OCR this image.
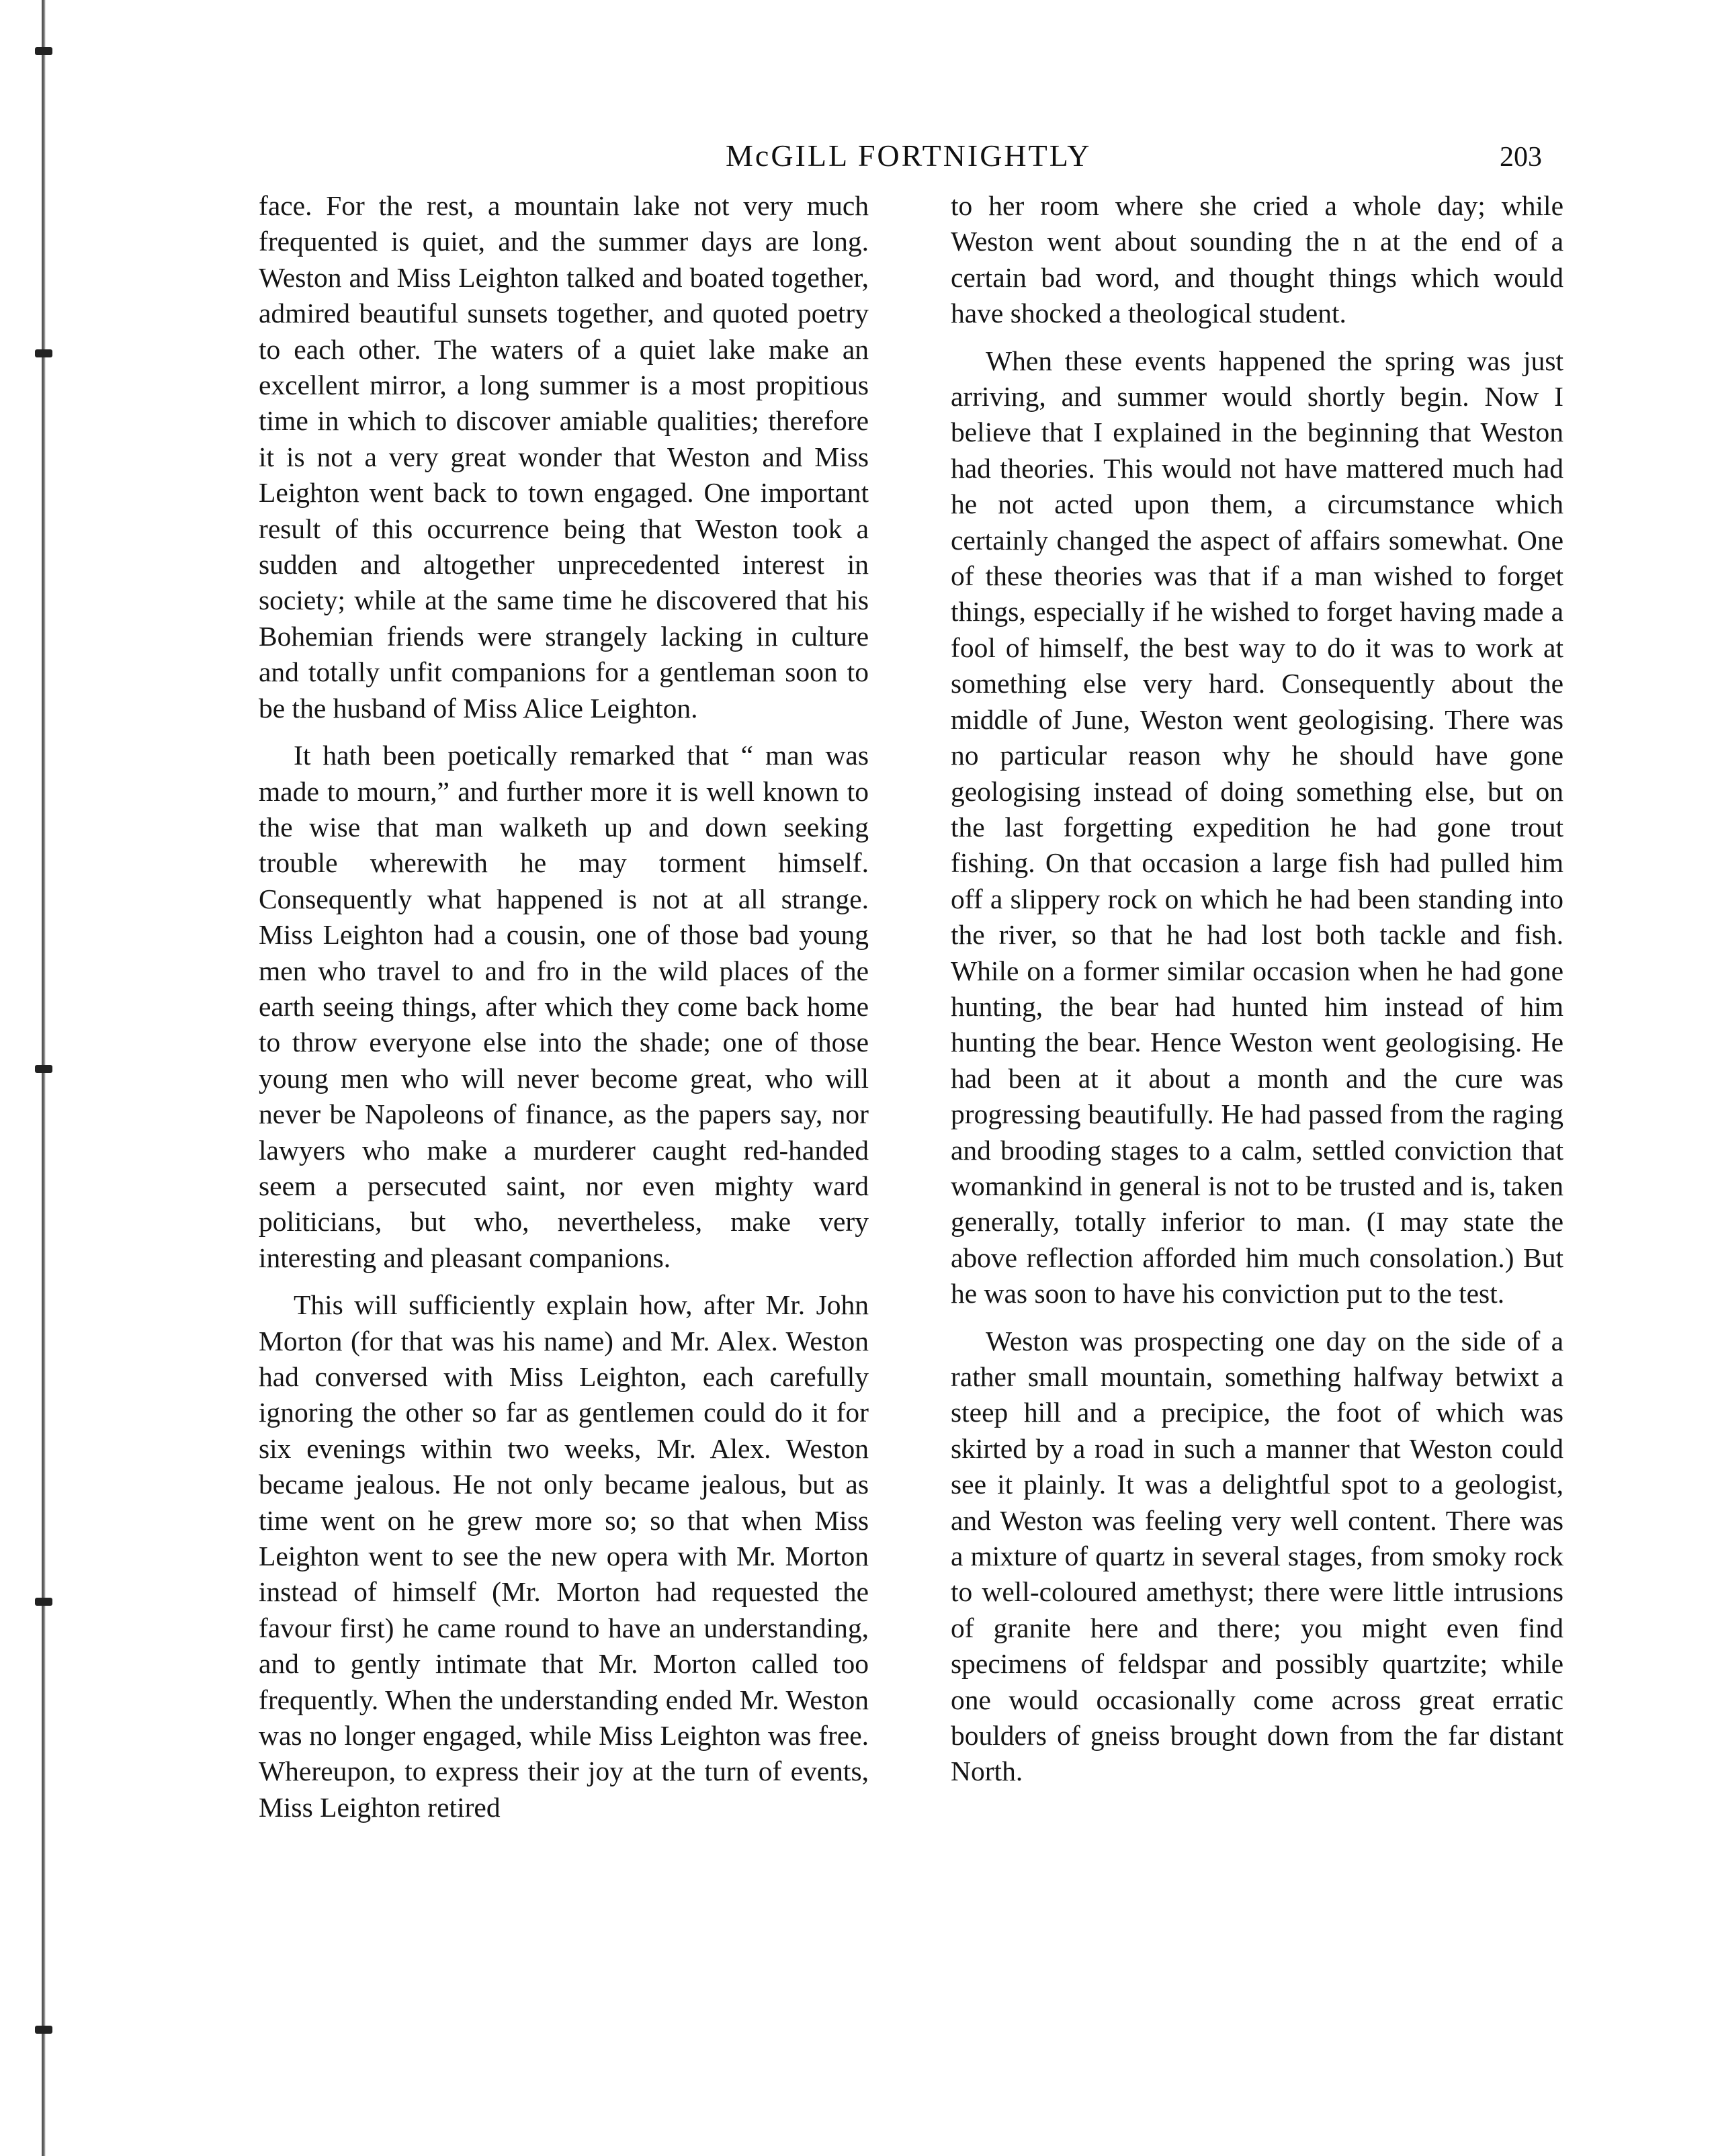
McGILL FORTNIGHTLY	203

face. For the rest, a mountain lake not very much frequented is quiet, and the summer days are long. Weston and Miss Leighton talked and boated together, admired beautiful sunsets together, and quoted poetry to each other. The waters of a quiet lake make an excellent mirror, a long summer is a most propitious time in which to discover amiable qualities; therefore it is not a very great wonder that Weston and Miss Leighton went back to town engaged. One important result of this occurrence being that Weston took a sudden and altogether unprecedented interest in society; while at the same time he discovered that his Bohemian friends were strangely lacking in culture and totally unfit companions for a gentleman soon to be the husband of Miss Alice Leighton.

It hath been poetically remarked that “ man was made to mourn,” and further more it is well known to the wise that man walketh up and down seeking trouble wherewith he may torment himself. Consequently what happened is not at all strange. Miss Leighton had a cousin, one of those bad young men who travel to and fro in the wild places of the earth seeing things, after which they come back home to throw everyone else into the shade; one of those young men who will never become great, who will never be Napoleons of finance, as the papers say, nor lawyers who make a murderer caught red-handed seem a persecuted saint, nor even mighty ward politicians, but who, nevertheless, make very interesting and pleasant companions.

This will sufficiently explain how, after Mr. John Morton (for that was his name) and Mr. Alex. Weston had conversed with Miss Leighton, each carefully ignoring the other so far as gentlemen could do it for six evenings within two weeks, Mr. Alex. Weston became jealous. He not only became jealous, but as time went on he grew more so; so that when Miss Leighton went to see the new opera with Mr. Morton instead of himself (Mr. Morton had requested the favour first) he came round to have an understanding, and to gently intimate that Mr. Morton called too frequently. When the understanding ended Mr. Weston was no longer engaged, while Miss Leighton was free. Whereupon, to express their joy at the turn of events, Miss Leighton retired

to her room where she cried a whole day; while Weston went about sounding the n at the end of a certain bad word, and thought things which would have shocked a theological student.

When these events happened the spring was just arriving, and summer would shortly begin. Now I believe that I explained in the beginning that Weston had theories. This would not have mattered much had he not acted upon them, a circumstance which certainly changed the aspect of affairs somewhat. One of these theories was that if a man wished to forget things, especially if he wished to forget having made a fool of himself, the best way to do it was to work at something else very hard. Consequently about the middle of June, Weston went geologising. There was no particular reason why he should have gone geologising instead of doing something else, but on the last forgetting expedition he had gone trout fishing. On that occasion a large fish had pulled him off a slippery rock on which he had been standing into the river, so that he had lost both tackle and fish. While on a former similar occasion when he had gone hunting, the bear had hunted him instead of him hunting the bear. Hence Weston went geologising. He had been at it about a month and the cure was progressing beautifully. He had passed from the raging and brooding stages to a calm, settled conviction that womankind in general is not to be trusted and is, taken generally, totally inferior to man. (I may state the above reflection afforded him much consolation.) But he was soon to have his conviction put to the test.

Weston was prospecting one day on the side of a rather small mountain, something halfway betwixt a steep hill and a precipice, the foot of which was skirted by a road in such a manner that Weston could see it plainly. It was a delightful spot to a geologist, and Weston was feeling very well content. There was a mixture of quartz in several stages, from smoky rock to well-coloured amethyst; there were little intrusions of granite here and there; you might even find specimens of feldspar and possibly quartzite; while one would occasionally come across great erratic boulders of gneiss brought down from the far distant North.
